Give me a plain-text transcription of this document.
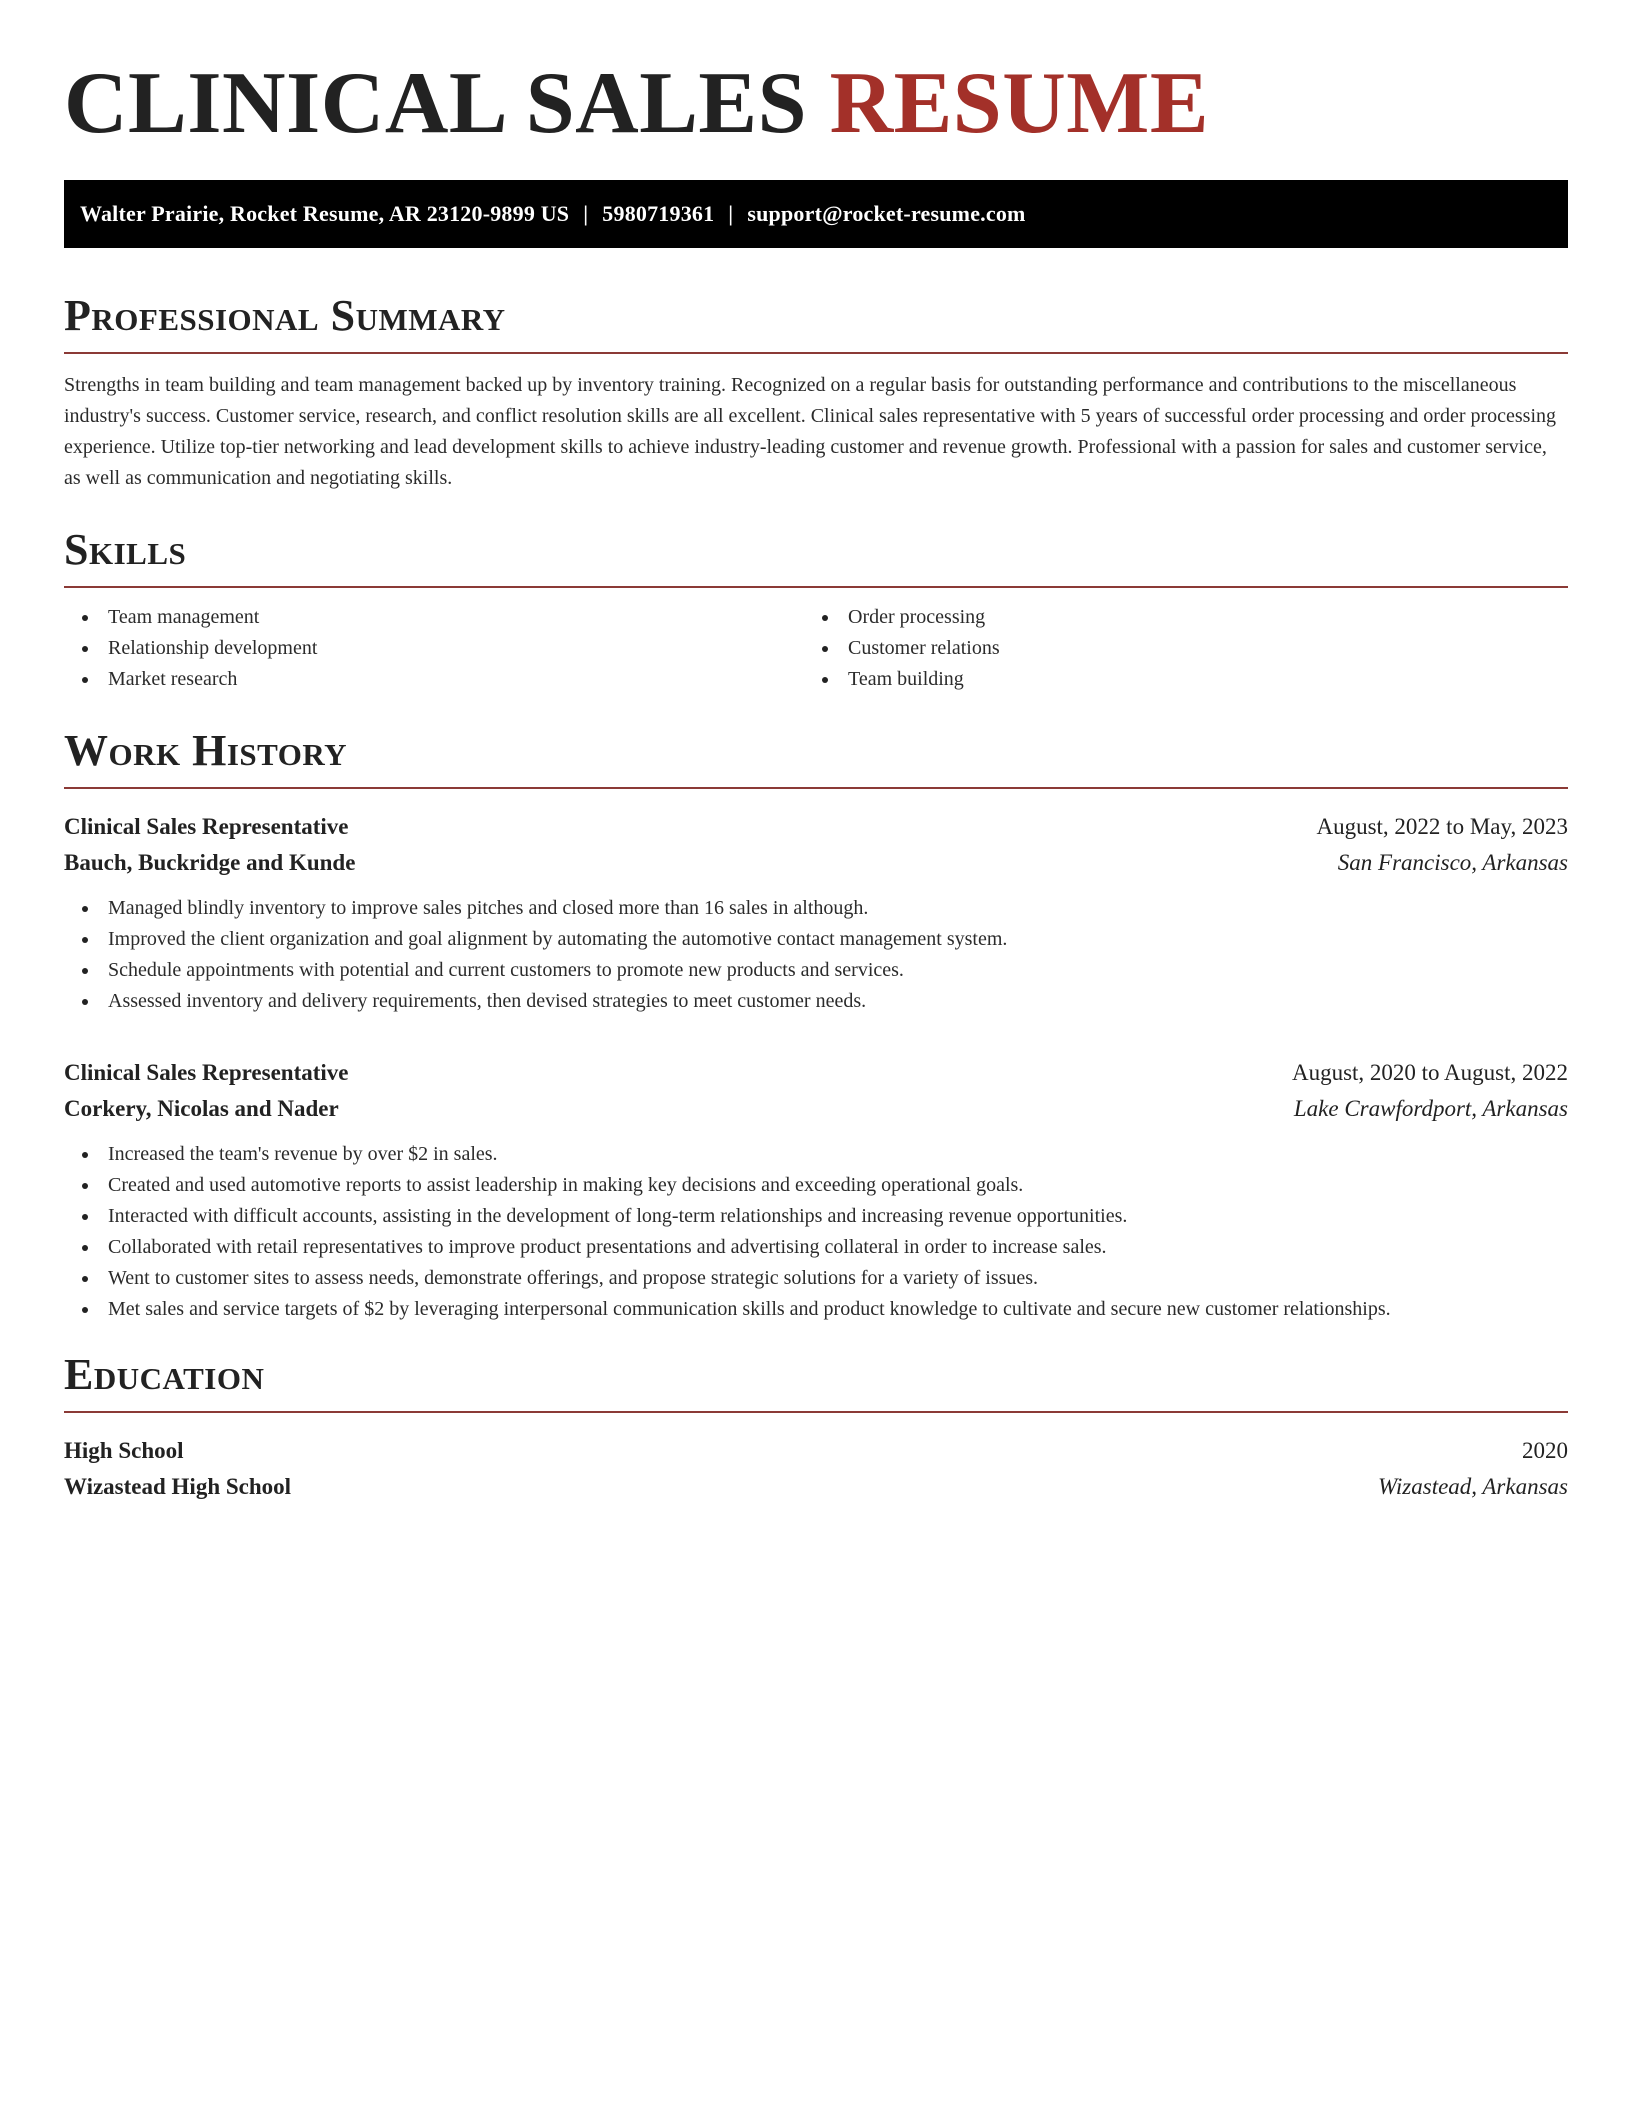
CLINICAL SALES RESUME
Walter Prairie, Rocket Resume, AR 23120-9899 US | 5980719361 | support@rocket-resume.com
Professional Summary

Strengths in team building and team management backed up by inventory training. Recognized on a regular basis for outstanding performance and contributions to the miscellaneous industry's success. Customer service, research, and conflict resolution skills are all excellent. Clinical sales representative with 5 years of successful order processing and order processing experience. Utilize top-tier networking and lead development skills to achieve industry-leading customer and revenue growth. Professional with a passion for sales and customer service, as well as communication and negotiating skills.

Skills
Team management
Relationship development
Market research
Order processing
Customer relations
Team building
Work History
Clinical Sales Representative	August, 2022 to May, 2023
Bauch, Buckridge and Kunde	San Francisco, Arkansas
Managed blindly inventory to improve sales pitches and closed more than 16 sales in although.
Improved the client organization and goal alignment by automating the automotive contact management system.
Schedule appointments with potential and current customers to promote new products and services.
Assessed inventory and delivery requirements, then devised strategies to meet customer needs.
Clinical Sales Representative	August, 2020 to August, 2022
Corkery, Nicolas and Nader	Lake Crawfordport, Arkansas
Increased the team's revenue by over $2 in sales.
Created and used automotive reports to assist leadership in making key decisions and exceeding operational goals.
Interacted with difficult accounts, assisting in the development of long-term relationships and increasing revenue opportunities.
Collaborated with retail representatives to improve product presentations and advertising collateral in order to increase sales.
Went to customer sites to assess needs, demonstrate offerings, and propose strategic solutions for a variety of issues.
Met sales and service targets of $2 by leveraging interpersonal communication skills and product knowledge to cultivate and secure new customer relationships.
Education
High School	2020
Wizastead High School	Wizastead, Arkansas
